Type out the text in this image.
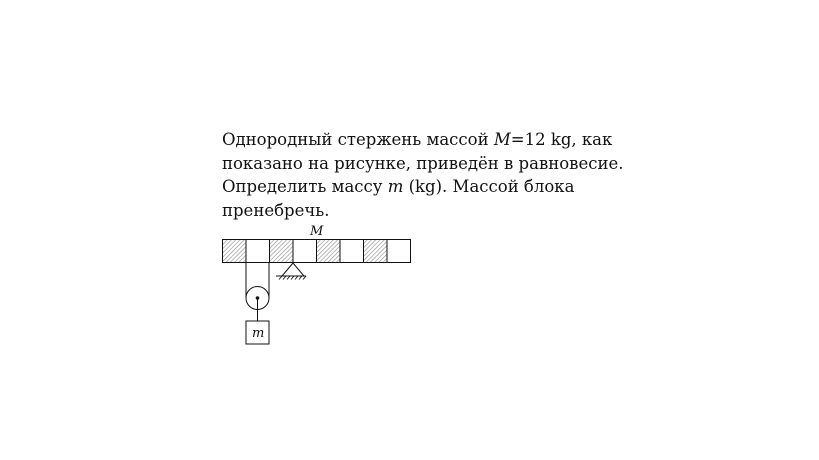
Однородный стержень массой M=12 kg, как
показано на рисунке, приведён в равновесие.
Определить массу m (kg). Массой блока
пренебречь.
M
m
